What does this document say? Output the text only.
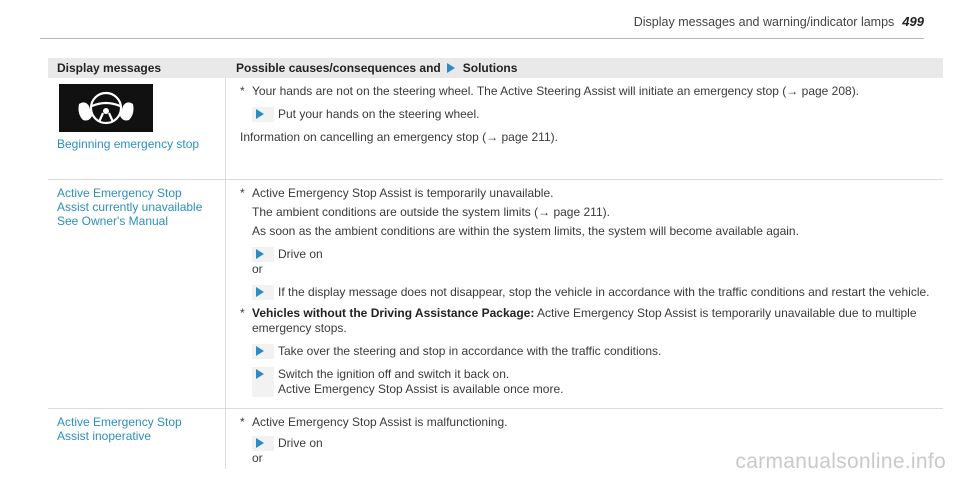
Display messages and warning/indicator lamps 499
Display messages	Possible causes/consequences and Solutions
Beginning emergency stop
* Your hands are not on the steering wheel. The Active Steering Assist will initiate an emergency stop (→ page 208).
Put your hands on the steering wheel.

Information on cancelling an emergency stop (→ page 211).

Active Emergency Stop
Assist currently unavailable
See Owner's Manual
* Active Emergency Stop Assist is temporarily unavailable.

The ambient conditions are outside the system limits (→ page 211).

As soon as the ambient conditions are within the system limits, the system will become available again.

Drive on

or

If the display message does not disappear, stop the vehicle in accordance with the traffic conditions and restart the vehicle.
* Vehicles without the Driving Assistance Package: Active Emergency Stop Assist is temporarily unavailable due to multiple emergency stops.
Take over the steering and stop in accordance with the traffic conditions.
Switch the ignition off and switch it back on.
Active Emergency Stop Assist is available once more.
Active Emergency Stop
Assist inoperative
* Active Emergency Stop Assist is malfunctioning.
Drive on

or	carmanualsonline.info
